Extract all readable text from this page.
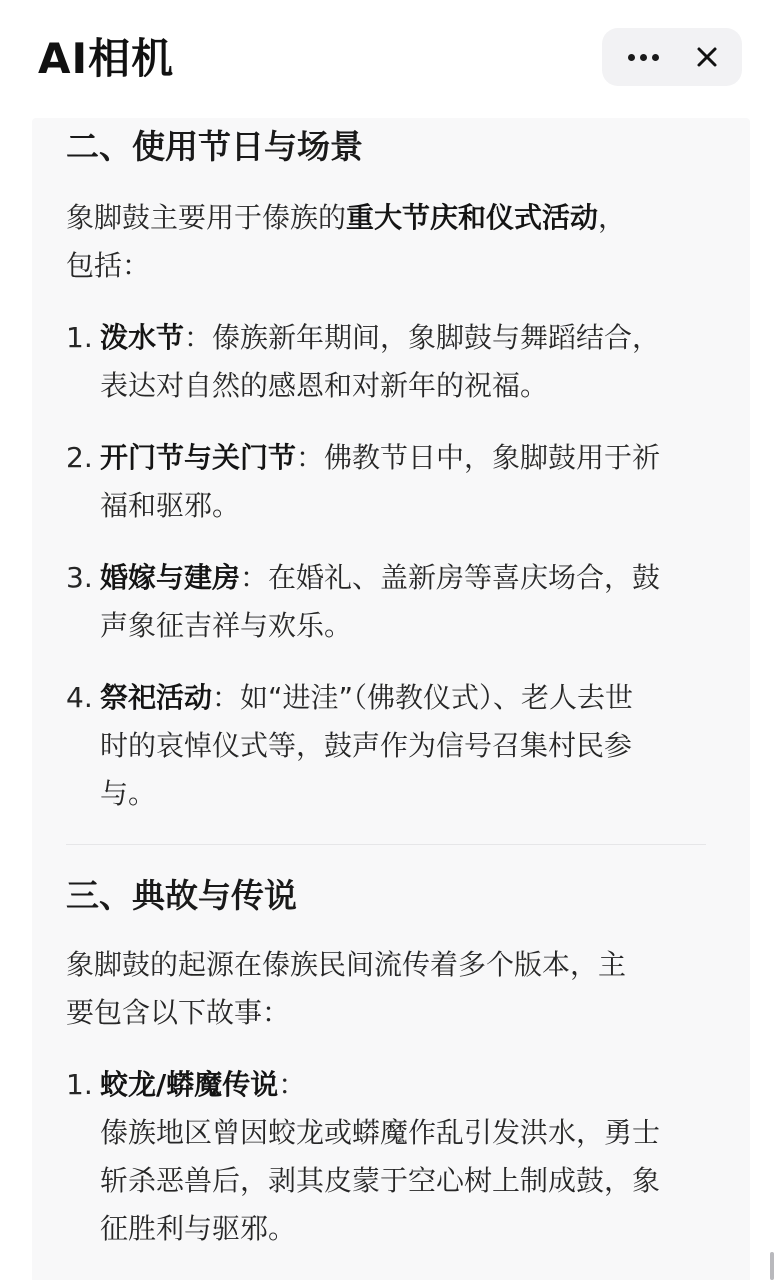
AI相机
二、使用节日与场景

象脚鼓主要用于傣族的重大节庆和仪式活动，
包括：

1. 泼水节：傣族新年期间，象脚鼓与舞蹈结合，
表达对自然的感恩和对新年的祝福。
2. 开门节与关门节：佛教节日中，象脚鼓用于祈
福和驱邪。
3. 婚嫁与建房：在婚礼、盖新房等喜庆场合，鼓
声象征吉祥与欢乐。
4. 祭祀活动：如“进洼”（佛教仪式）、老人去世
时的哀悼仪式等，鼓声作为信号召集村民参
与。
三、典故与传说

象脚鼓的起源在傣族民间流传着多个版本，主
要包含以下故事：

1. 蛟龙/蟒魔传说：
傣族地区曾因蛟龙或蟒魔作乱引发洪水，勇士
斩杀恶兽后，剥其皮蒙于空心树上制成鼓，象
征胜利与驱邪。
